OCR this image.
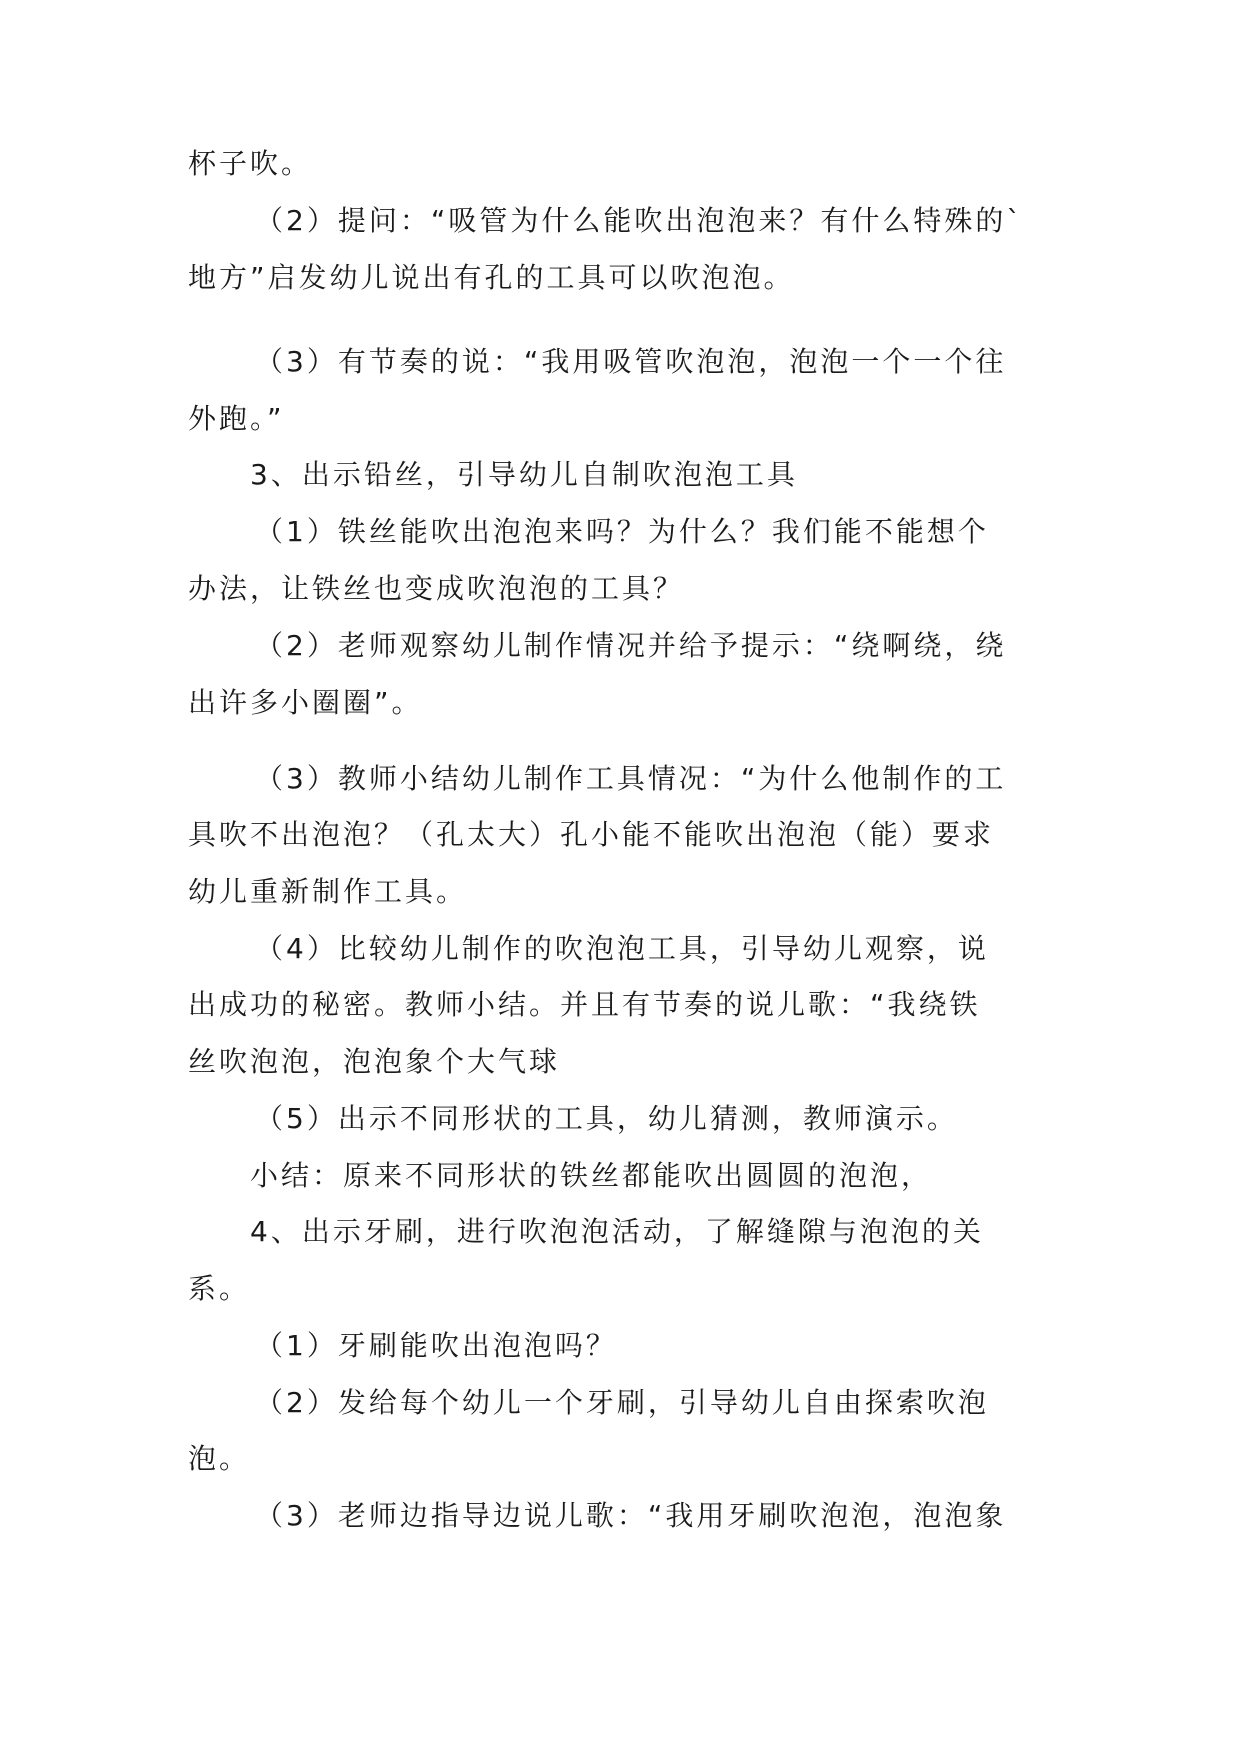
杯子吹。
（2）提问：“吸管为什么能吹出泡泡来？有什么特殊的`
地方”启发幼儿说出有孔的工具可以吹泡泡。
（3）有节奏的说：“我用吸管吹泡泡，泡泡一个一个往
外跑。”
3、出示铅丝，引导幼儿自制吹泡泡工具
（1）铁丝能吹出泡泡来吗？为什么？我们能不能想个
办法，让铁丝也变成吹泡泡的工具？
（2）老师观察幼儿制作情况并给予提示：“绕啊绕，绕
出许多小圈圈”。
（3）教师小结幼儿制作工具情况：“为什么他制作的工
具吹不出泡泡？（孔太大）孔小能不能吹出泡泡（能）要求
幼儿重新制作工具。
（4）比较幼儿制作的吹泡泡工具，引导幼儿观察，说
出成功的秘密。教师小结。并且有节奏的说儿歌：“我绕铁
丝吹泡泡，泡泡象个大气球
（5）出示不同形状的工具，幼儿猜测，教师演示。
小结：原来不同形状的铁丝都能吹出圆圆的泡泡，
4、出示牙刷，进行吹泡泡活动，了解缝隙与泡泡的关
系。
（1）牙刷能吹出泡泡吗？
（2）发给每个幼儿一个牙刷，引导幼儿自由探索吹泡
泡。
（3）老师边指导边说儿歌：“我用牙刷吹泡泡，泡泡象
